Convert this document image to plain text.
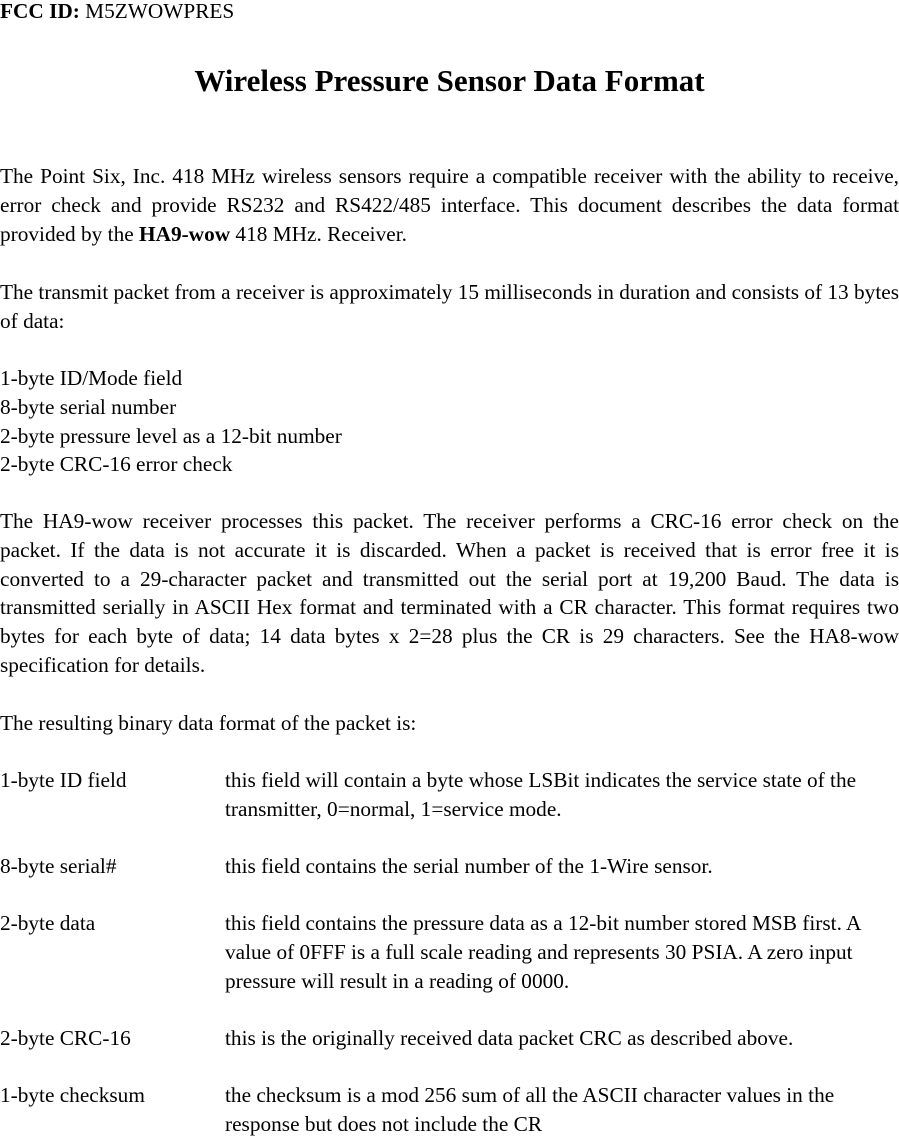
FCC ID: M5ZWOWPRES
Wireless Pressure Sensor Data Format
The Point Six, Inc. 418 MHz wireless sensors require a compatible receiver with the ability to receive, error check and provide RS232 and RS422/485 interface. This document describes the data format provided by the HA9-wow 418 MHz. Receiver.
The transmit packet from a receiver is approximately 15 milliseconds in duration and consists of 13 bytes of data:
1-byte ID/Mode field
8-byte serial number
2-byte pressure level as a 12-bit number
2-byte CRC-16 error check
The HA9-wow receiver processes this packet. The receiver performs a CRC-16 error check on the packet. If the data is not accurate it is discarded. When a packet is received that is error free it is converted to a 29-character packet and transmitted out the serial port at 19,200 Baud. The data is transmitted serially in ASCII Hex format and terminated with a CR character. This format requires two bytes for each byte of data; 14 data bytes x 2=28 plus the CR is 29 characters. See the HA8-wow specification for details.
The resulting binary data format of the packet is:
1-byte ID field	this field will contain a byte whose LSBit indicates the service state of the transmitter, 0=normal, 1=service mode.
8-byte serial#	this field contains the serial number of the 1-Wire sensor.
2-byte data	this field contains the pressure data as a 12-bit number stored MSB first. A value of 0FFF is a full scale reading and represents 30 PSIA. A zero input pressure will result in a reading of 0000.
2-byte CRC-16	this is the originally received data packet CRC as described above.
1-byte checksum	the checksum is a mod 256 sum of all the ASCII character values in the response but does not include the CR
